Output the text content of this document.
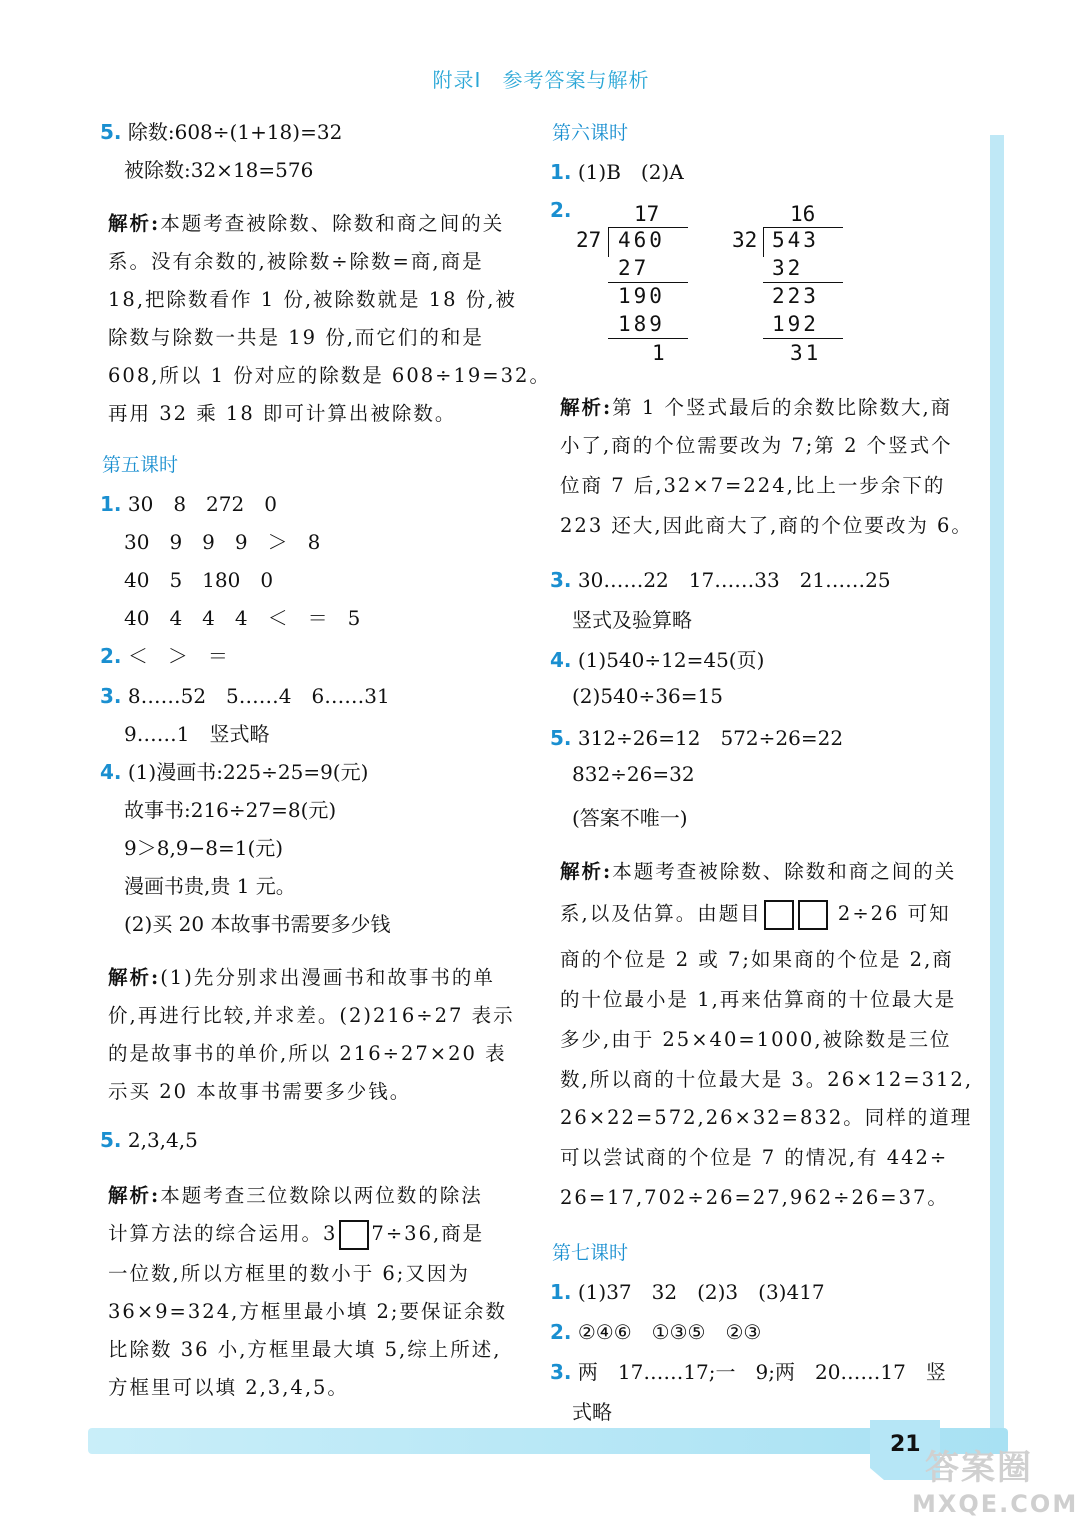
21
答案圈
MXQE.COM
附录Ⅰ　参考答案与解析
5. 除数:608÷(1+18)=32
被除数:32×18=576
解析:本题考查被除数、除数和商之间的关
系。没有余数的,被除数÷除数=商,商是
18,把除数看作 1 份,被除数就是 18 份,被
除数与除数一共是 19 份,而它们的和是
608,所以 1 份对应的除数是 608÷19=32。
再用 32 乘 18 即可计算出被除数。
第五课时
1. 30　8　272　0
30　9　9　9　＞　8
40　5　180　0
40　4　4　4　＜　＝　5
2. ＜　＞　＝
3. 8……52　5……4　6……31
9……1　竖式略
4. (1)漫画书:225÷25=9(元)
故事书:216÷27=8(元)
9＞8,9−8=1(元)
漫画书贵,贵 1 元。
(2)买 20 本故事书需要多少钱
解析:(1)先分别求出漫画书和故事书的单
价,再进行比较,并求差。(2)216÷27 表示
的是故事书的单价,所以 216÷27×20 表
示买 20 本故事书需要多少钱。
5. 2,3,4,5
解析:本题考查三位数除以两位数的除法
计算方法的综合运用。3 7÷36,商是
一位数,所以方框里的数小于 6;又因为
36×9=324,方框里最小填 2;要保证余数
比除数 36 小,方框里最大填 5,综上所述,
方框里可以填 2,3,4,5。
第六课时
1. (1)B　(2)A
2.	17
27 460
27
190
189
1
16
32 543
32
223
192
31
解析:第 1 个竖式最后的余数比除数大,商
小了,商的个位需要改为 7;第 2 个竖式个
位商 7 后,32×7=224,比上一步余下的
223 还大,因此商大了,商的个位要改为 6。
3. 30……22　17……33　21……25
竖式及验算略
4. (1)540÷12=45(页)
(2)540÷36=15
5. 312÷26=12　572÷26=22
832÷26=32
(答案不唯一)
解析:本题考查被除数、除数和商之间的关
系,以及估算。由题目	2÷26 可知
商的个位是 2 或 7;如果商的个位是 2,商
的十位最小是 1,再来估算商的十位最大是
多少,由于 25×40=1000,被除数是三位
数,所以商的十位最大是 3。26×12=312,
26×22=572,26×32=832。同样的道理
可以尝试商的个位是 7 的情况,有 442÷
26=17,702÷26=27,962÷26=37。
第七课时
1. (1)37　32　(2)3　(3)417
2. ②④⑥　①③⑤　②③
3. 两　17……17;一　9;两　20……17　竖
式略
